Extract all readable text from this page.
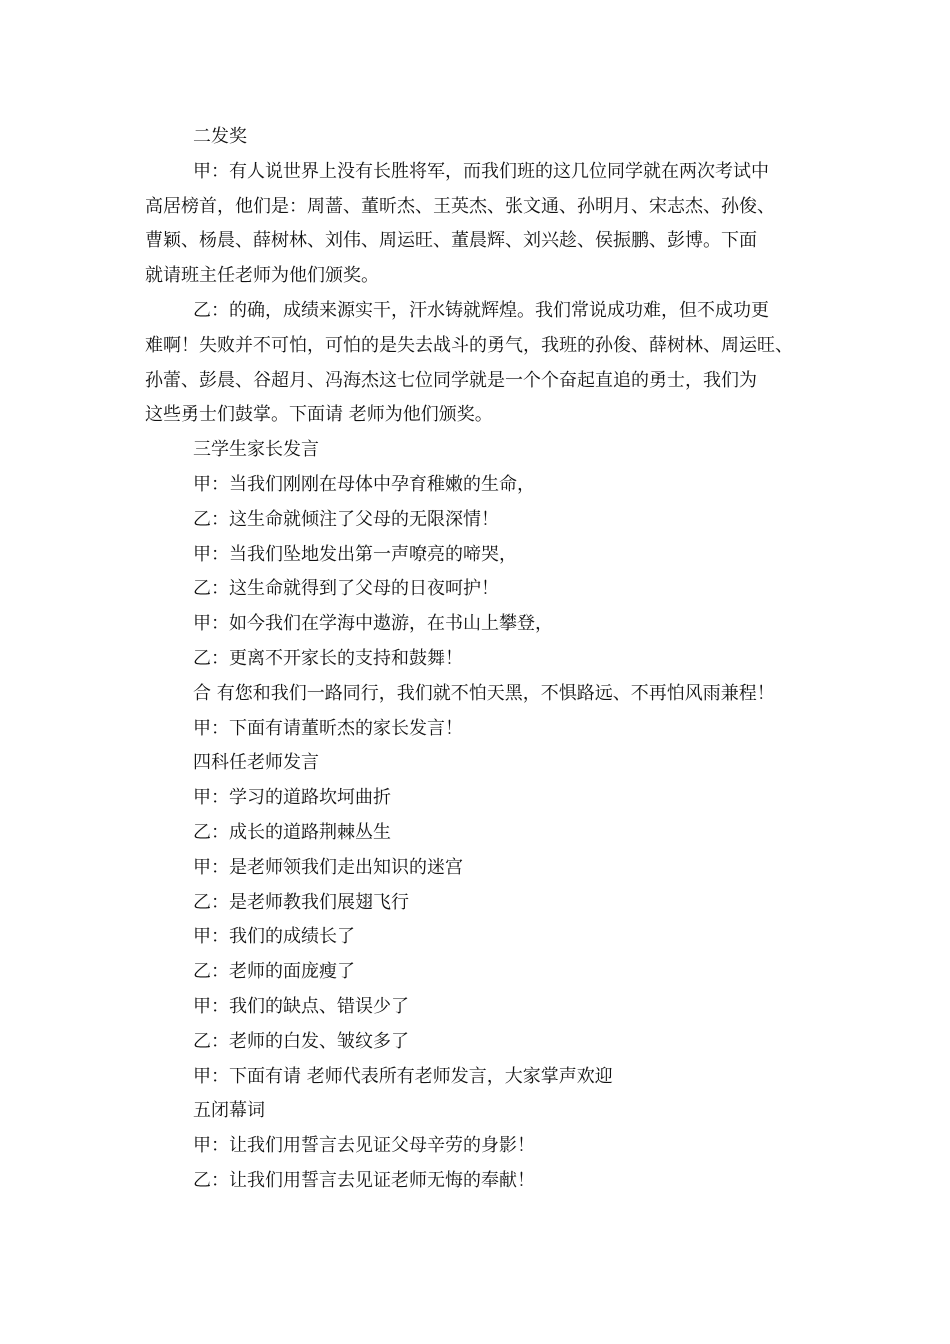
二发奖
甲：有人说世界上没有长胜将军，而我们班的这几位同学就在两次考试中
高居榜首，他们是：周蔷、董昕杰、王英杰、张文通、孙明月、宋志杰、孙俊、
曹颖、杨晨、薛树林、刘伟、周运旺、董晨辉、刘兴趁、侯振鹏、彭博。下面
就请班主任老师为他们颁奖。
乙：的确，成绩来源实干，汗水铸就辉煌。我们常说成功难，但不成功更
难啊！失败并不可怕，可怕的是失去战斗的勇气，我班的孙俊、薛树林、周运旺、
孙蕾、彭晨、谷超月、冯海杰这七位同学就是一个个奋起直追的勇士，我们为
这些勇士们鼓掌。下面请 老师为他们颁奖。
三学生家长发言
甲：当我们刚刚在母体中孕育稚嫩的生命，
乙：这生命就倾注了父母的无限深情！
甲：当我们坠地发出第一声嘹亮的啼哭，
乙：这生命就得到了父母的日夜呵护！
甲：如今我们在学海中遨游，在书山上攀登，
乙：更离不开家长的支持和鼓舞！
合 有您和我们一路同行，我们就不怕天黑，不惧路远、不再怕风雨兼程！
甲：下面有请董昕杰的家长发言！
四科任老师发言
甲：学习的道路坎坷曲折
乙：成长的道路荆棘丛生
甲：是老师领我们走出知识的迷宫
乙：是老师教我们展翅飞行
甲：我们的成绩长了
乙：老师的面庞瘦了
甲：我们的缺点、错误少了
乙：老师的白发、皱纹多了
甲：下面有请 老师代表所有老师发言，大家掌声欢迎
五闭幕词
甲：让我们用誓言去见证父母辛劳的身影！
乙：让我们用誓言去见证老师无悔的奉献！
